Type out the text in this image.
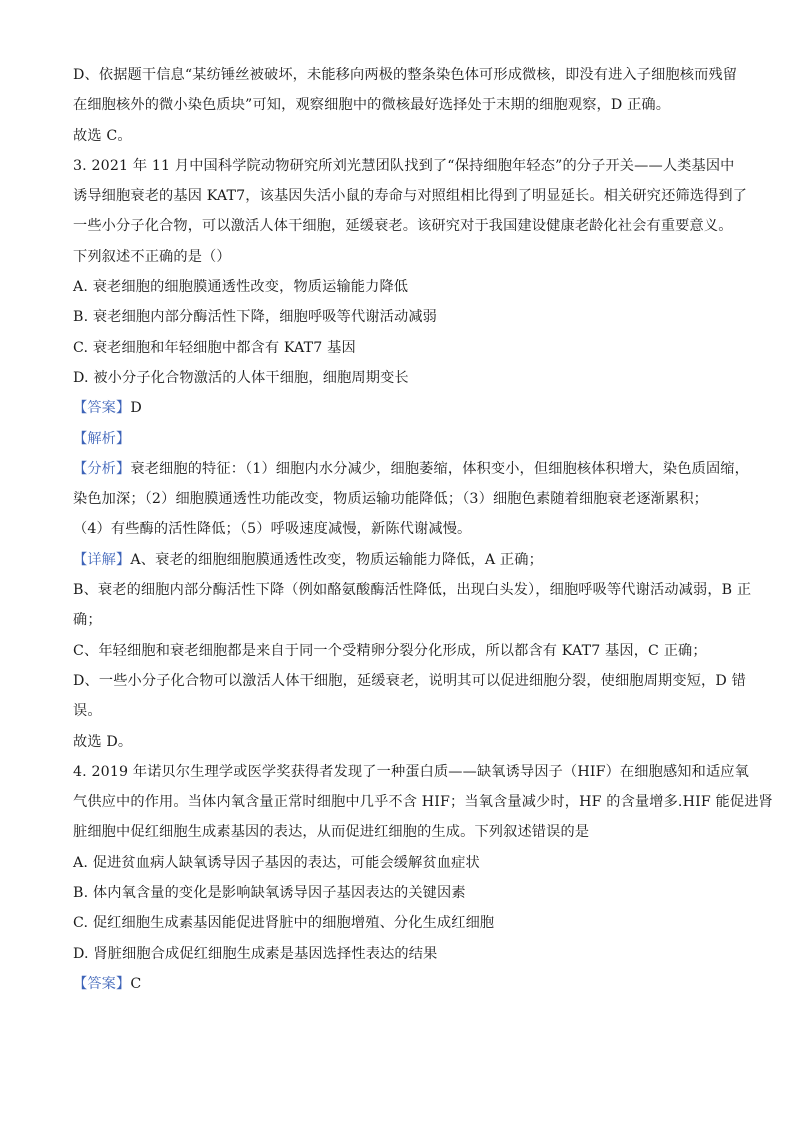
D、依据题干信息“某纺锤丝被破坏，未能移向两极的整条染色体可形成微核，即没有进入子细胞核而残留
在细胞核外的微小染色质块”可知，观察细胞中的微核最好选择处于末期的细胞观察，D 正确。
故选 C。
3. 2021 年 11 月中国科学院动物研究所刘光慧团队找到了“保持细胞年轻态”的分子开关——人类基因中
诱导细胞衰老的基因 KAT7，该基因失活小鼠的寿命与对照组相比得到了明显延长。相关研究还筛选得到了
一些小分子化合物，可以激活人体干细胞，延缓衰老。该研究对于我国建设健康老龄化社会有重要意义。
下列叙述不正确的是（）
A. 衰老细胞的细胞膜通透性改变，物质运输能力降低
B. 衰老细胞内部分酶活性下降，细胞呼吸等代谢活动减弱
C. 衰老细胞和年轻细胞中都含有 KAT7 基因
D. 被小分子化合物激活的人体干细胞，细胞周期变长
【答案】D
【解析】
【分析】衰老细胞的特征：（1）细胞内水分减少，细胞萎缩，体积变小，但细胞核体积增大，染色质固缩，
染色加深；（2）细胞膜通透性功能改变，物质运输功能降低；（3）细胞色素随着细胞衰老逐渐累积；
（4）有些酶的活性降低；（5）呼吸速度减慢，新陈代谢减慢。
【详解】A、衰老的细胞细胞膜通透性改变，物质运输能力降低，A 正确；
B、衰老的细胞内部分酶活性下降（例如酪氨酸酶活性降低，出现白头发），细胞呼吸等代谢活动减弱，B 正
确；
C、年轻细胞和衰老细胞都是来自于同一个受精卵分裂分化形成，所以都含有 KAT7 基因，C 正确；
D、一些小分子化合物可以激活人体干细胞，延缓衰老，说明其可以促进细胞分裂，使细胞周期变短，D 错
误。
故选 D。
4. 2019 年诺贝尔生理学或医学奖获得者发现了一种蛋白质——缺氧诱导因子（HIF）在细胞感知和适应氧
气供应中的作用。当体内氧含量正常时细胞中几乎不含 HIF；当氧含量减少时，HF 的含量增多.HIF 能促进肾
脏细胞中促红细胞生成素基因的表达，从而促进红细胞的生成。下列叙述错误的是
A. 促进贫血病人缺氧诱导因子基因的表达，可能会缓解贫血症状
B. 体内氧含量的变化是影响缺氧诱导因子基因表达的关键因素
C. 促红细胞生成素基因能促进肾脏中的细胞增殖、分化生成红细胞
D. 肾脏细胞合成促红细胞生成素是基因选择性表达的结果
【答案】C
